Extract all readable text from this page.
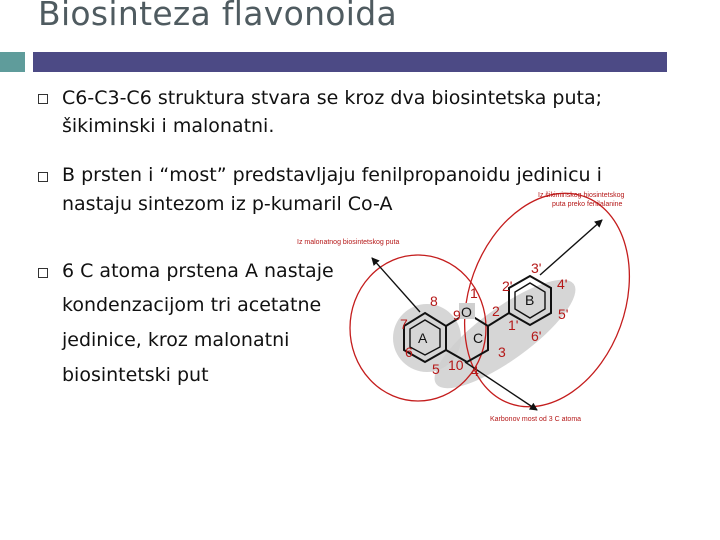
Biosinteza flavonoida
C6-C3-C6 struktura stvara se kroz dva biosintetska puta;
šikiminski i malonatni.
B prsten i “most” predstavljaju fenilpropanoidu jedinicu i
nastaju sintezom iz p-kumaril Co-A
6 C atoma prstena A nastaje
kondenzacijom tri acetatne
jedinice, kroz malonatni
biosintetski put
Iz malonatnog biosintetskog puta
Iz šikiminskog biosintetskog
puta preko fenilalanine
Karbonov most od 3 C atoma
A	C
B
O
1
2
3
4
5
6
7
8
9
10
1'
2'
3'
4'
5'
6'
